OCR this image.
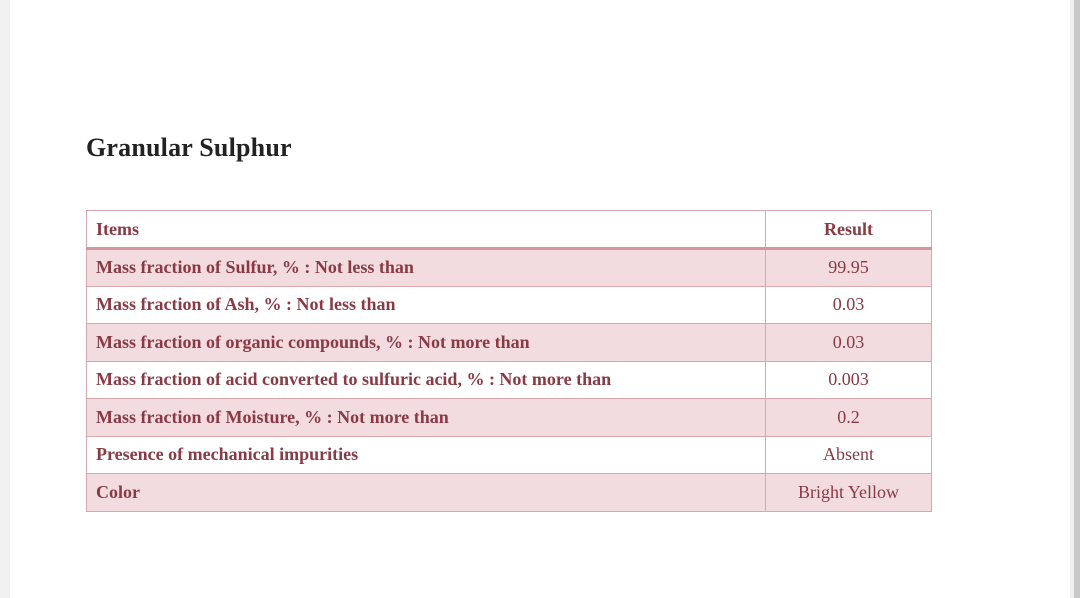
Granular Sulphur
Items	Result
Mass fraction of Sulfur, % : Not less than	99.95
Mass fraction of Ash, % : Not less than	0.03
Mass fraction of organic compounds, % : Not more than	0.03
Mass fraction of acid converted to sulfuric acid, % : Not more than	0.003
Mass fraction of Moisture, % : Not more than	0.2
Presence of mechanical impurities	Absent
Color	Bright Yellow
